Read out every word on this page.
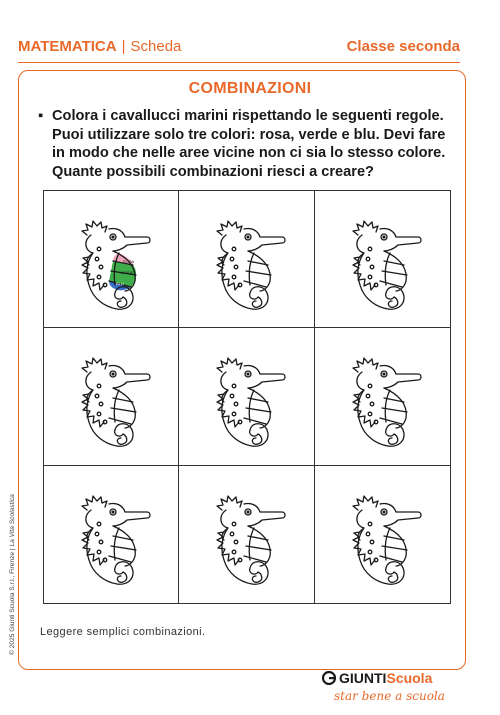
MATEMATICA | Scheda	Classe seconda
COMBINAZIONI
▪ Colora i cavallucci marini rispettando le seguenti regole.
Puoi utilizzare solo tre colori: rosa, verde e blu. Devi fare
in modo che nelle aree vicine non ci sia lo stesso colore.
Quante possibili combinazioni riesci a creare?
ROSA
VERDE
BLU
Leggere semplici combinazioni.
© 2025 Giunti Scuola S.r.l., Firenze | La Vita Scolastica
GIUNTIScuola
star bene a scuola
